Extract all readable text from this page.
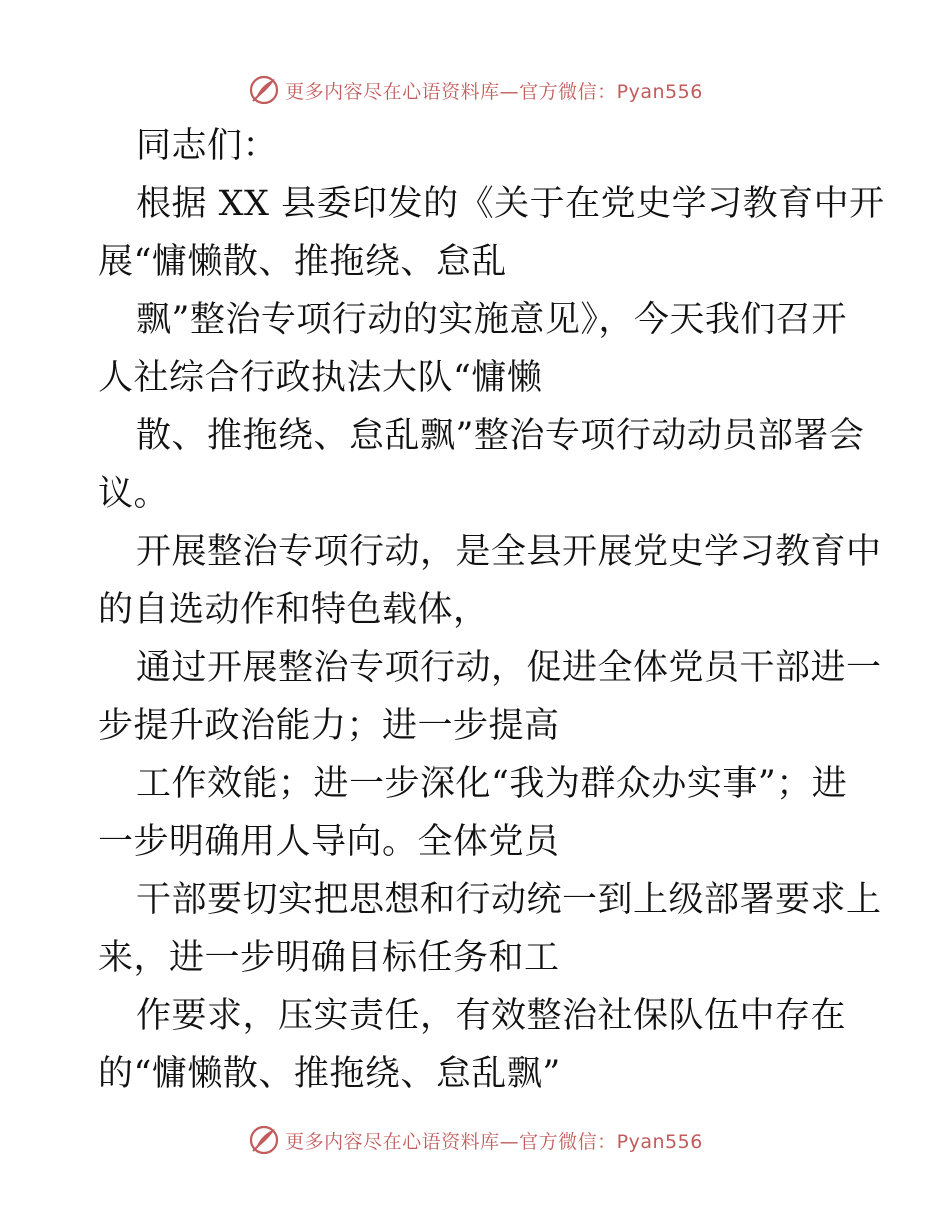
更多内容尽在心语资料库—官方微信：Pyan556
同志们：
根据 XX 县委印发的《关于在党史学习教育中开
展“慵懒散、推拖绕、怠乱
飘”整治专项行动的实施意见》，今天我们召开
人社综合行政执法大队“慵懒
散、推拖绕、怠乱飘”整治专项行动动员部署会
议。
开展整治专项行动，是全县开展党史学习教育中
的自选动作和特色载体，
通过开展整治专项行动，促进全体党员干部进一
步提升政治能力；进一步提高
工作效能；进一步深化“我为群众办实事”；进
一步明确用人导向。全体党员
干部要切实把思想和行动统一到上级部署要求上
来，进一步明确目标任务和工
作要求，压实责任，有效整治社保队伍中存在
的“慵懒散、推拖绕、怠乱飘”
更多内容尽在心语资料库—官方微信：Pyan556
